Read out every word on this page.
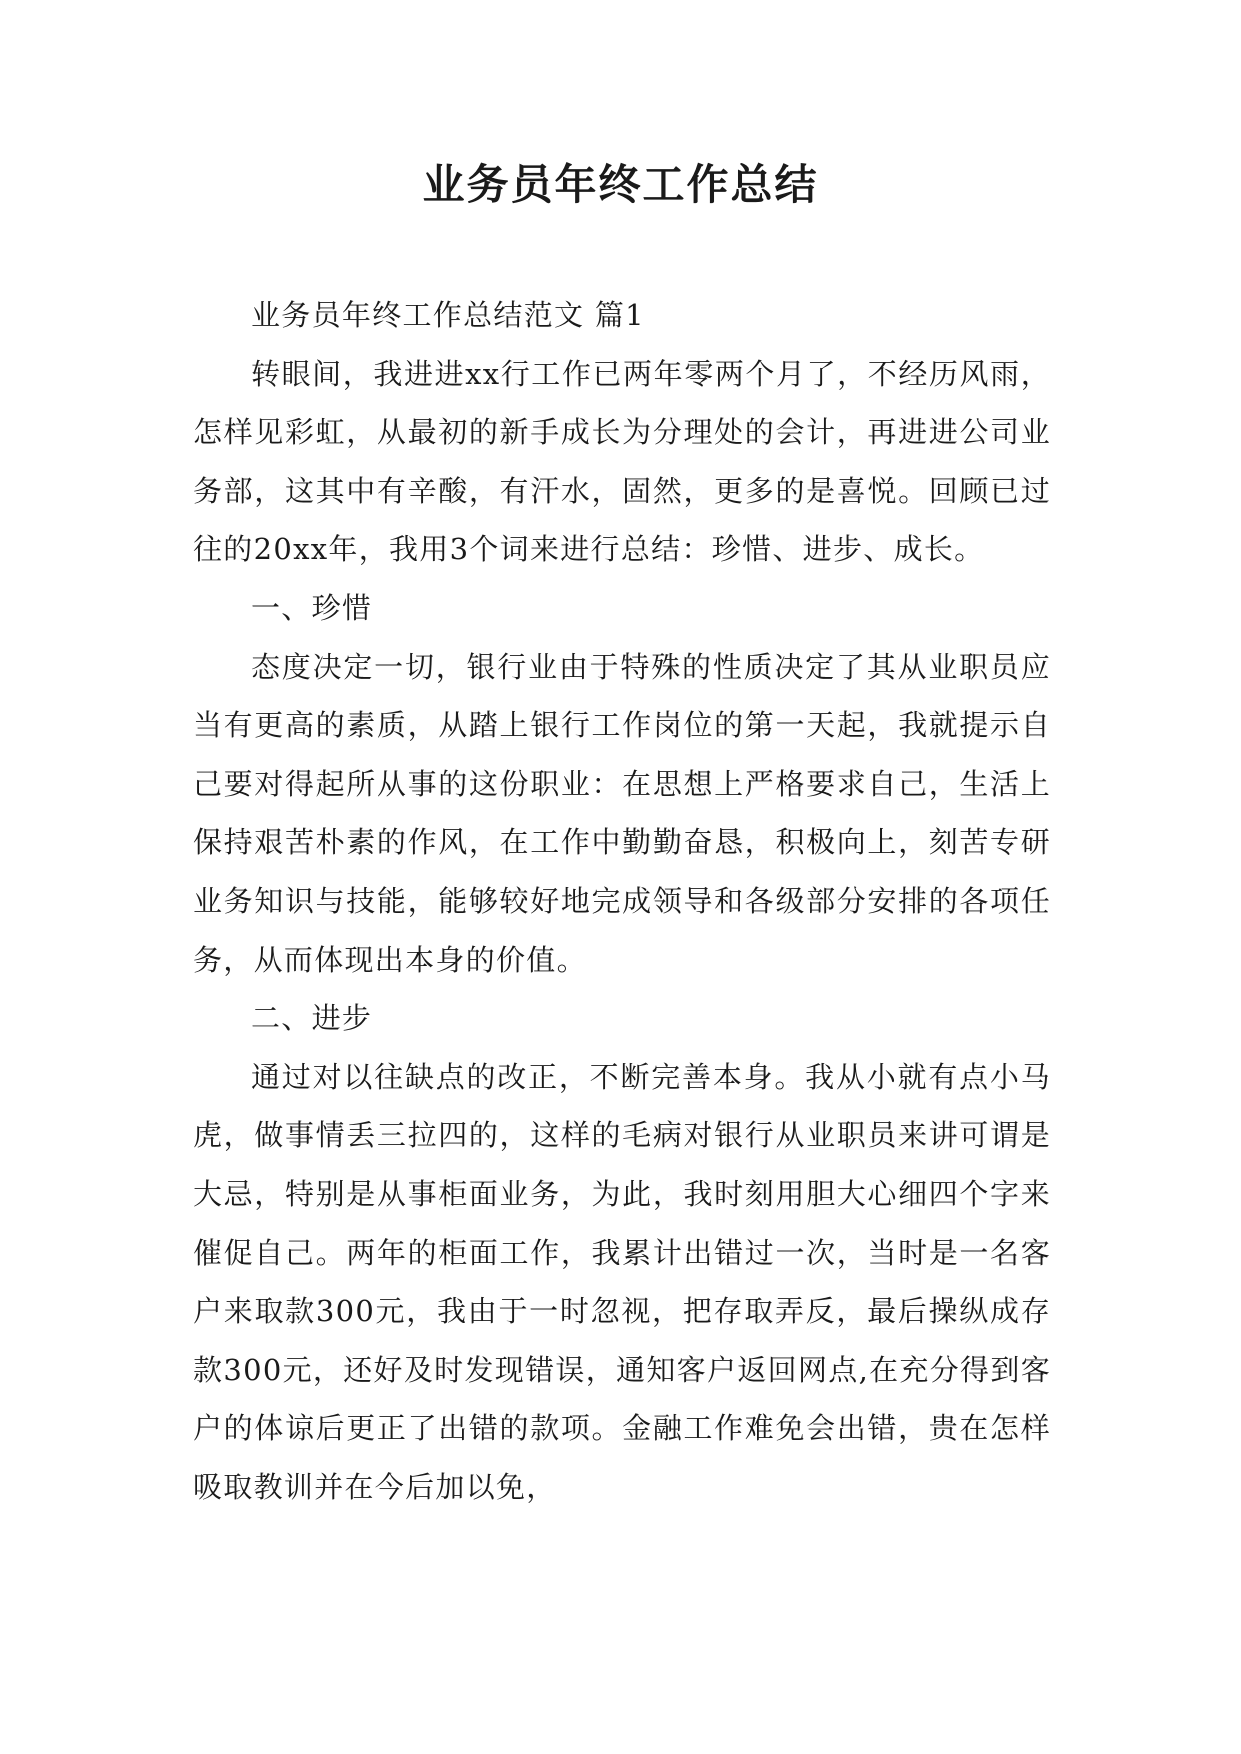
业务员年终工作总结

业务员年终工作总结范文 篇1

转眼间，我进进xx行工作已两年零两个月了，不经历风雨，怎样见彩虹，从最初的新手成长为分理处的会计，再进进公司业务部，这其中有辛酸，有汗水，固然，更多的是喜悦。回顾已过往的20xx年，我用3个词来进行总结：珍惜、进步、成长。

一、珍惜

态度决定一切，银行业由于特殊的性质决定了其从业职员应当有更高的素质，从踏上银行工作岗位的第一天起，我就提示自己要对得起所从事的这份职业：在思想上严格要求自己，生活上保持艰苦朴素的作风，在工作中勤勤奋恳，积极向上，刻苦专研业务知识与技能，能够较好地完成领导和各级部分安排的各项任务，从而体现出本身的价值。

二、进步

通过对以往缺点的改正，不断完善本身。我从小就有点小马虎，做事情丢三拉四的，这样的毛病对银行从业职员来讲可谓是大忌，特别是从事柜面业务，为此，我时刻用胆大心细四个字来催促自己。两年的柜面工作，我累计出错过一次，当时是一名客户来取款300元，我由于一时忽视，把存取弄反，最后操纵成存款300元，还好及时发现错误，通知客户返回网点,在充分得到客户的体谅后更正了出错的款项。金融工作难免会出错，贵在怎样吸取教训并在今后加以免，
